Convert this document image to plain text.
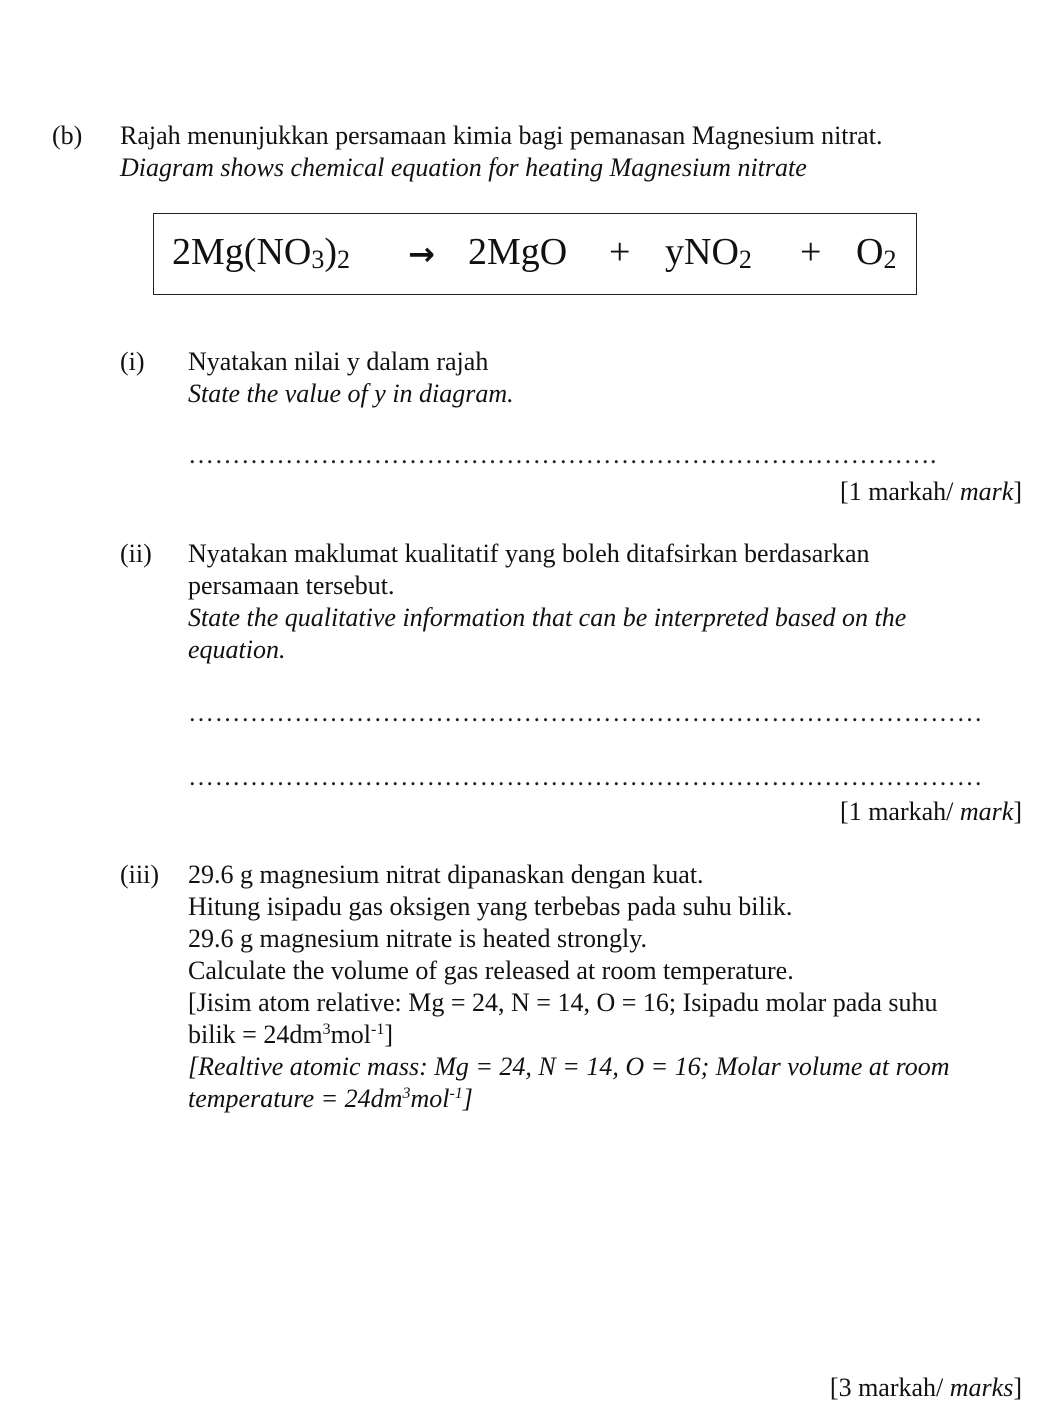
(b) Rajah menunjukkan persamaan kimia bagi pemanasan Magnesium nitrat.
Diagram shows chemical equation for heating Magnesium nitrate
$2Mg(NO_3)_2 \to 2MgO + yNO_2 + O_2$
(i) Nyatakan nilai y dalam rajah
State the value of y in diagram.
………………………………………………………………………….
[1 markah/ mark]
(ii) Nyatakan maklumat kualitatif yang boleh ditafsirkan berdasarkan
persamaan tersebut.
State the qualitative information that can be interpreted based on the
equation.
………………………………………………………………………………
………………………………………………………………………………
[1 markah/ mark]
(iii) 29.6 g magnesium nitrat dipanaskan dengan kuat.
Hitung isipadu gas oksigen yang terbebas pada suhu bilik.
29.6 g magnesium nitrate is heated strongly.
Calculate the volume of gas released at room temperature.
[Jisim atom relative: Mg = 24, N = 14, O = 16; Isipadu molar pada suhu
bilik = $24dm^3mol^{-1}$]
[Realtive atomic mass: Mg = 24, N = 14, O = 16; Molar volume at room
temperature = $24dm^3mol^{-1}$]
[3 markah/ marks]
